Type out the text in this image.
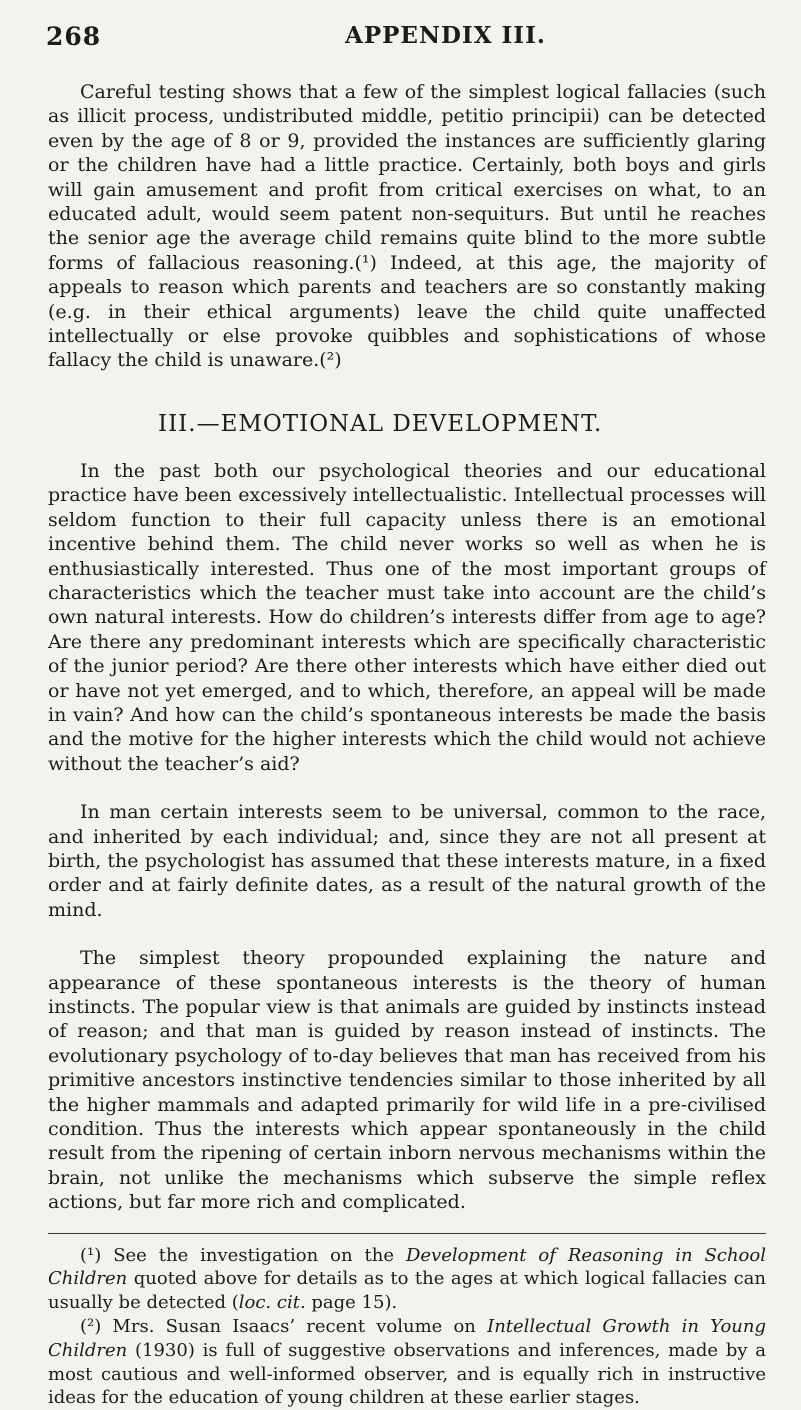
268	APPENDIX III.

Careful testing shows that a few of the simplest logical fallacies (such as illicit process, undistributed middle, petitio principii) can be detected even by the age of 8 or 9, provided the instances are sufficiently glaring or the children have had a little practice. Certainly, both boys and girls will gain amusement and profit from critical exercises on what, to an educated adult, would seem patent non-sequiturs. But until he reaches the senior age the average child remains quite blind to the more subtle forms of fallacious reasoning.(¹) Indeed, at this age, the majority of appeals to reason which parents and teachers are so constantly making (e.g. in their ethical arguments) leave the child quite unaffected intellectually or else provoke quibbles and sophistications of whose fallacy the child is unaware.(²)

III.—EMOTIONAL DEVELOPMENT.

In the past both our psychological theories and our educational practice have been excessively intellectualistic. Intellectual processes will seldom function to their full capacity unless there is an emotional incentive behind them. The child never works so well as when he is enthusiastically interested. Thus one of the most important groups of characteristics which the teacher must take into account are the child’s own natural interests. How do children’s interests differ from age to age? Are there any predominant interests which are specifically characteristic of the junior period? Are there other interests which have either died out or have not yet emerged, and to which, therefore, an appeal will be made in vain? And how can the child’s spontaneous interests be made the basis and the motive for the higher interests which the child would not achieve without the teacher’s aid?

In man certain interests seem to be universal, common to the race, and inherited by each individual; and, since they are not all present at birth, the psychologist has assumed that these interests mature, in a fixed order and at fairly definite dates, as a result of the natural growth of the mind.

The simplest theory propounded explaining the nature and appearance of these spontaneous interests is the theory of human instincts. The popular view is that animals are guided by instincts instead of reason; and that man is guided by reason instead of instincts. The evolutionary psychology of to-day believes that man has received from his primitive ancestors instinctive tendencies similar to those inherited by all the higher mammals and adapted primarily for wild life in a pre-civilised condition. Thus the interests which appear spontaneously in the child result from the ripening of certain inborn nervous mechanisms within the brain, not unlike the mechanisms which subserve the simple reflex actions, but far more rich and complicated.

(¹) See the investigation on the Development of Reasoning in School Children quoted above for details as to the ages at which logical fallacies can usually be detected (loc. cit. page 15).

(²) Mrs. Susan Isaacs’ recent volume on Intellectual Growth in Young Children (1930) is full of suggestive observations and inferences, made by a most cautious and well-informed observer, and is equally rich in instructive ideas for the education of young children at these earlier stages.
